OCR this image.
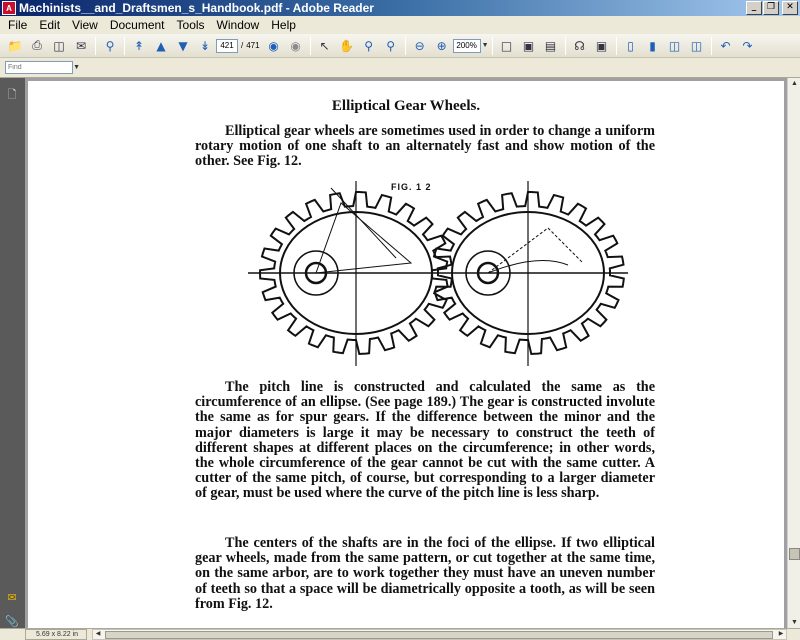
A Machinists__and_Draftsmen_s_Handbook.pdf - Adobe Reader	_	❐	✕
File	Edit	View	Document	Tools	Window	Help
📁 ⎙ ◫ ✉	⚲	↟	▲	▼	↡	421 / 471 ◉ ◉	↖ ✋ ⚲	⚲	⊖ ⊕	200% ▼ □ ▣ ▤	☊ ▣	▯	▮	◫ ◫	↶ ↷
Find
▼
🗋
✉
📎
Elliptical Gear Wheels.
Elliptical gear wheels are sometimes used in order to change a uniform rotary motion of one shaft to an alternately fast and show motion of the other. See Fig. 12.
FIG. 1 2
The pitch line is constructed and calculated the same as the circumference of an ellipse. (See page 189.) The gear is constructed involute the same as for spur gears. If the difference between the minor and the major diameters is large it may be necessary to construct the teeth of different shapes at different places on the circumference; in other words, the whole circumference of the gear cannot be cut with the same cutter. A cutter of the same pitch, of course, but corresponding to a larger diameter of gear, must be used where the curve of the pitch line is less sharp.
The centers of the shafts are in the foci of the ellipse. If two elliptical gear wheels, made from the same pattern, or cut together at the same time, on the same arbor, are to work together they must have an uneven number of teeth so that a space will be diametrically opposite a tooth, as will be seen from Fig. 12.
▲
▼
5.69 x 8.22 in	◀	▶
